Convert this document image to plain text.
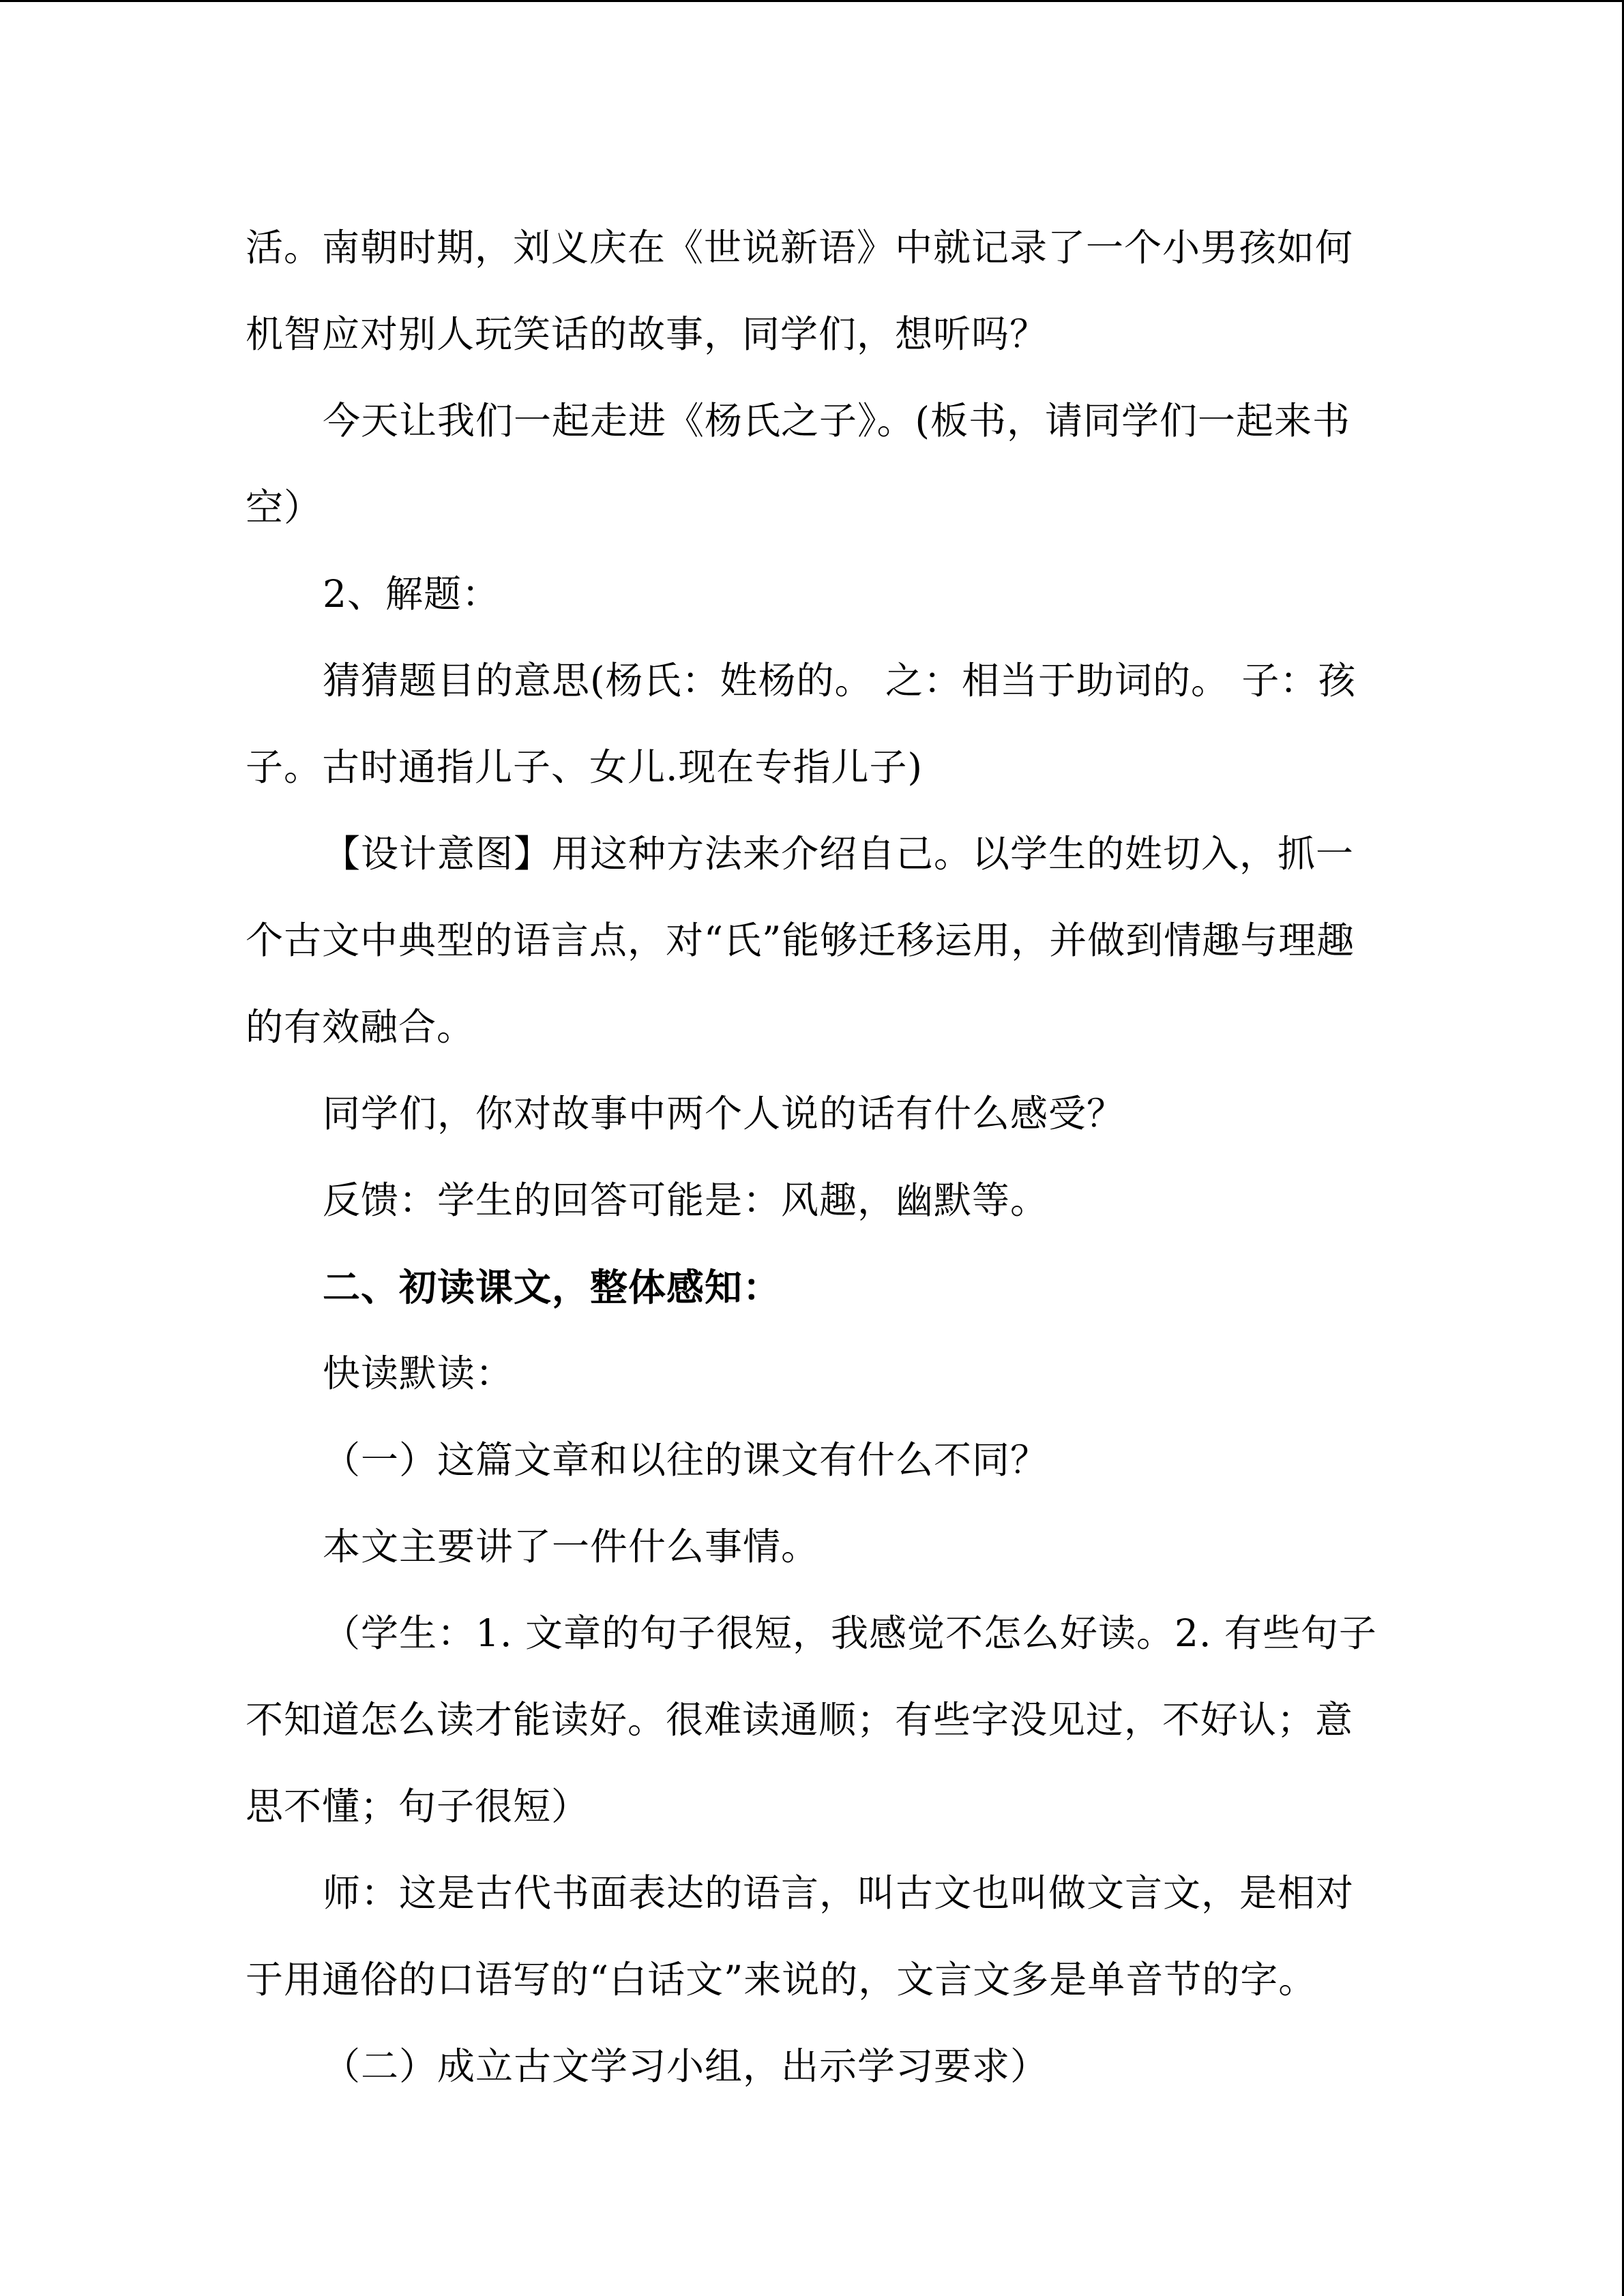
活。南朝时期，刘义庆在《世说新语》中就记录了一个小男孩如何机智应对别人玩笑话的故事，同学们，想听吗？

今天让我们一起走进《杨氏之子》。(板书，请同学们一起来书空）

2、解题：

猜猜题目的意思(杨氏：姓杨的。 之：相当于助词的。 子：孩子。古时通指儿子、女儿.现在专指儿子)

【设计意图】用这种方法来介绍自己。以学生的姓切入，抓一个古文中典型的语言点，对“氏”能够迁移运用，并做到情趣与理趣的有效融合。

同学们，你对故事中两个人说的话有什么感受？

反馈：学生的回答可能是：风趣，幽默等。

二、初读课文，整体感知：

快读默读：

（一）这篇文章和以往的课文有什么不同？

本文主要讲了一件什么事情。

（学生：1. 文章的句子很短，我感觉不怎么好读。2. 有些句子不知道怎么读才能读好。很难读通顺；有些字没见过，不好认；意思不懂；句子很短）

师：这是古代书面表达的语言，叫古文也叫做文言文，是相对于用通俗的口语写的“白话文”来说的，文言文多是单音节的字。

（二）成立古文学习小组，出示学习要求）
